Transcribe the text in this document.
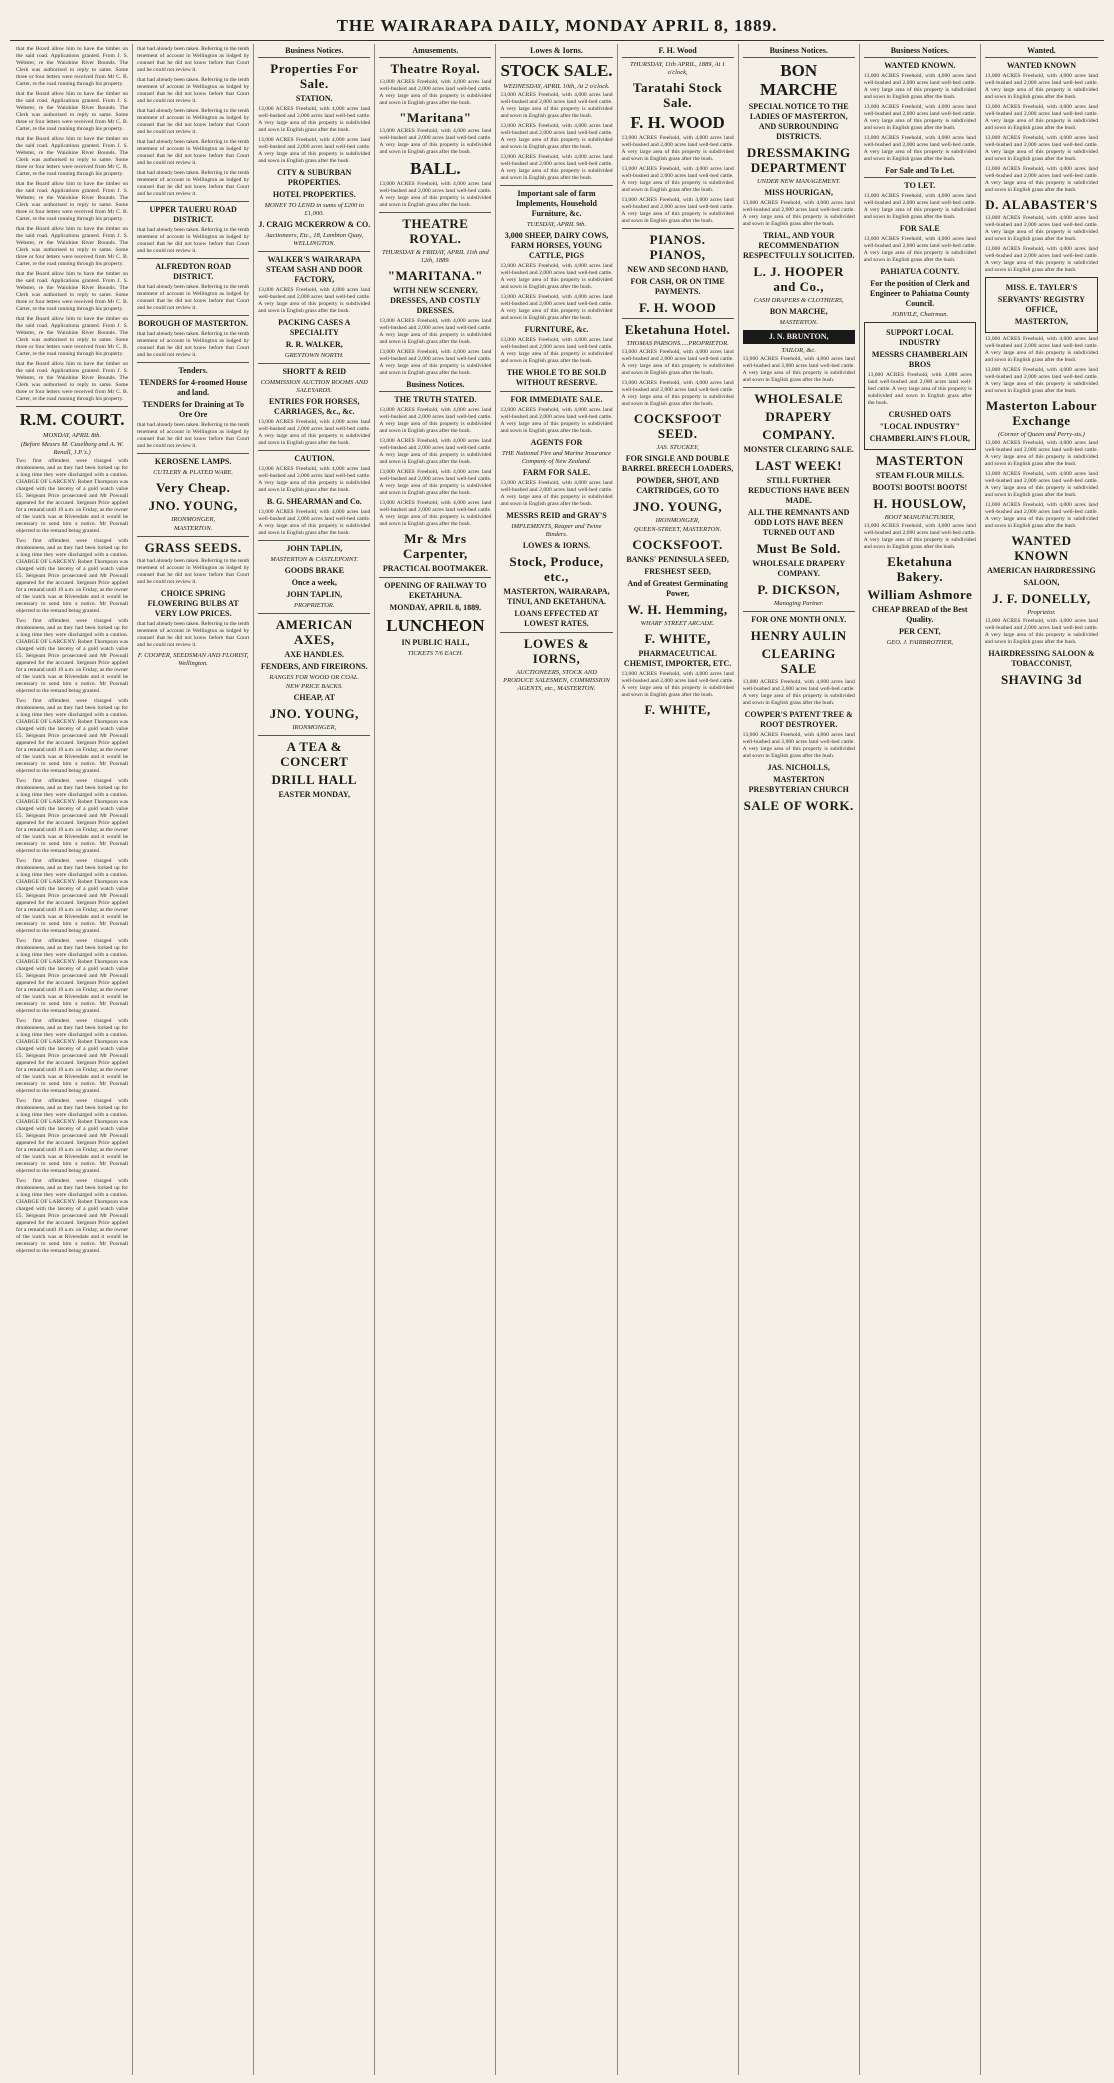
THE WAIRARAPA DAILY, MONDAY APRIL 8, 1889.
that the Board allow him to have the timber on the said road. Applications granted. From J. S. Webster, re the Waiohine River Bounds. The Clerk was authorised to reply to same. Some three or four letters were received from Mr C. B. Carter, re the road running through his property.
that the Board allow him to have the timber on the said road. Applications granted. From J. S. Webster, re the Waiohine River Bounds. The Clerk was authorised to reply to same. Some three or four letters were received from Mr C. B. Carter, re the road running through his property.
that the Board allow him to have the timber on the said road. Applications granted. From J. S. Webster, re the Waiohine River Bounds. The Clerk was authorised to reply to same. Some three or four letters were received from Mr C. B. Carter, re the road running through his property.
that the Board allow him to have the timber on the said road. Applications granted. From J. S. Webster, re the Waiohine River Bounds. The Clerk was authorised to reply to same. Some three or four letters were received from Mr C. B. Carter, re the road running through his property.
that the Board allow him to have the timber on the said road. Applications granted. From J. S. Webster, re the Waiohine River Bounds. The Clerk was authorised to reply to same. Some three or four letters were received from Mr C. B. Carter, re the road running through his property.
that the Board allow him to have the timber on the said road. Applications granted. From J. S. Webster, re the Waiohine River Bounds. The Clerk was authorised to reply to same. Some three or four letters were received from Mr C. B. Carter, re the road running through his property.
that the Board allow him to have the timber on the said road. Applications granted. From J. S. Webster, re the Waiohine River Bounds. The Clerk was authorised to reply to same. Some three or four letters were received from Mr C. B. Carter, re the road running through his property.
that the Board allow him to have the timber on the said road. Applications granted. From J. S. Webster, re the Waiohine River Bounds. The Clerk was authorised to reply to same. Some three or four letters were received from Mr C. B. Carter, re the road running through his property.
R.M. COURT.
MONDAY, APRIL 8th.
(Before Messrs M. Caselberg and A. W. Renall, J.P.'s.)
Two first offenders were charged with drunkenness, and as they had been locked up for a long time they were discharged with a caution. CHARGE OF LARCENY. Robert Thompson was charged with the larceny of a gold watch value £5. Sergeant Price prosecuted and Mr Pownall appeared for the accused. Sergeant Price applied for a remand until 10 a.m. on Friday, as the owner of the watch was at Riversdale and it would be necessary to send him a notice. Mr Pownall objected to the remand being granted.
Two first offenders were charged with drunkenness, and as they had been locked up for a long time they were discharged with a caution. CHARGE OF LARCENY. Robert Thompson was charged with the larceny of a gold watch value £5. Sergeant Price prosecuted and Mr Pownall appeared for the accused. Sergeant Price applied for a remand until 10 a.m. on Friday, as the owner of the watch was at Riversdale and it would be necessary to send him a notice. Mr Pownall objected to the remand being granted.
Two first offenders were charged with drunkenness, and as they had been locked up for a long time they were discharged with a caution. CHARGE OF LARCENY. Robert Thompson was charged with the larceny of a gold watch value £5. Sergeant Price prosecuted and Mr Pownall appeared for the accused. Sergeant Price applied for a remand until 10 a.m. on Friday, as the owner of the watch was at Riversdale and it would be necessary to send him a notice. Mr Pownall objected to the remand being granted.
Two first offenders were charged with drunkenness, and as they had been locked up for a long time they were discharged with a caution. CHARGE OF LARCENY. Robert Thompson was charged with the larceny of a gold watch value £5. Sergeant Price prosecuted and Mr Pownall appeared for the accused. Sergeant Price applied for a remand until 10 a.m. on Friday, as the owner of the watch was at Riversdale and it would be necessary to send him a notice. Mr Pownall objected to the remand being granted.
Two first offenders were charged with drunkenness, and as they had been locked up for a long time they were discharged with a caution. CHARGE OF LARCENY. Robert Thompson was charged with the larceny of a gold watch value £5. Sergeant Price prosecuted and Mr Pownall appeared for the accused. Sergeant Price applied for a remand until 10 a.m. on Friday, as the owner of the watch was at Riversdale and it would be necessary to send him a notice. Mr Pownall objected to the remand being granted.
Two first offenders were charged with drunkenness, and as they had been locked up for a long time they were discharged with a caution. CHARGE OF LARCENY. Robert Thompson was charged with the larceny of a gold watch value £5. Sergeant Price prosecuted and Mr Pownall appeared for the accused. Sergeant Price applied for a remand until 10 a.m. on Friday, as the owner of the watch was at Riversdale and it would be necessary to send him a notice. Mr Pownall objected to the remand being granted.
Two first offenders were charged with drunkenness, and as they had been locked up for a long time they were discharged with a caution. CHARGE OF LARCENY. Robert Thompson was charged with the larceny of a gold watch value £5. Sergeant Price prosecuted and Mr Pownall appeared for the accused. Sergeant Price applied for a remand until 10 a.m. on Friday, as the owner of the watch was at Riversdale and it would be necessary to send him a notice. Mr Pownall objected to the remand being granted.
Two first offenders were charged with drunkenness, and as they had been locked up for a long time they were discharged with a caution. CHARGE OF LARCENY. Robert Thompson was charged with the larceny of a gold watch value £5. Sergeant Price prosecuted and Mr Pownall appeared for the accused. Sergeant Price applied for a remand until 10 a.m. on Friday, as the owner of the watch was at Riversdale and it would be necessary to send him a notice. Mr Pownall objected to the remand being granted.
Two first offenders were charged with drunkenness, and as they had been locked up for a long time they were discharged with a caution. CHARGE OF LARCENY. Robert Thompson was charged with the larceny of a gold watch value £5. Sergeant Price prosecuted and Mr Pownall appeared for the accused. Sergeant Price applied for a remand until 10 a.m. on Friday, as the owner of the watch was at Riversdale and it would be necessary to send him a notice. Mr Pownall objected to the remand being granted.
Two first offenders were charged with drunkenness, and as they had been locked up for a long time they were discharged with a caution. CHARGE OF LARCENY. Robert Thompson was charged with the larceny of a gold watch value £5. Sergeant Price prosecuted and Mr Pownall appeared for the accused. Sergeant Price applied for a remand until 10 a.m. on Friday, as the owner of the watch was at Riversdale and it would be necessary to send him a notice. Mr Pownall objected to the remand being granted.
that had already been taken. Referring to the tenth tenement of account in Wellington as lodged by counsel that he did not know before that Court and he could not review it.
that had already been taken. Referring to the tenth tenement of account in Wellington as lodged by counsel that he did not know before that Court and he could not review it.
that had already been taken. Referring to the tenth tenement of account in Wellington as lodged by counsel that he did not know before that Court and he could not review it.
that had already been taken. Referring to the tenth tenement of account in Wellington as lodged by counsel that he did not know before that Court and he could not review it.
that had already been taken. Referring to the tenth tenement of account in Wellington as lodged by counsel that he did not know before that Court and he could not review it.
UPPER TAUERU ROAD DISTRICT.
that had already been taken. Referring to the tenth tenement of account in Wellington as lodged by counsel that he did not know before that Court and he could not review it.
ALFREDTON ROAD DISTRICT.
that had already been taken. Referring to the tenth tenement of account in Wellington as lodged by counsel that he did not know before that Court and he could not review it.
BOROUGH OF MASTERTON.
that had already been taken. Referring to the tenth tenement of account in Wellington as lodged by counsel that he did not know before that Court and he could not review it.
Tenders.
TENDERS for 4-roomed House and land.
TENDERS for Draining at To Ore Ore
that had already been taken. Referring to the tenth tenement of account in Wellington as lodged by counsel that he did not know before that Court and he could not review it.
KEROSENE LAMPS.
CUTLERY & PLATED WARE.
Very Cheap.
JNO. YOUNG,
IRONMONGER,
MASTERTON.
GRASS SEEDS.
that had already been taken. Referring to the tenth tenement of account in Wellington as lodged by counsel that he did not know before that Court and he could not review it.
CHOICE SPRING FLOWERING BULBS AT VERY LOW PRICES.
that had already been taken. Referring to the tenth tenement of account in Wellington as lodged by counsel that he did not know before that Court and he could not review it.
F. COOPER, SEEDSMAN AND FLORIST, Wellington.
Business Notices.
Properties For Sale.
STATION.
13,000 ACRES Freehold, with 4,000 acres land well-bushed and 2,000 acres land well-bed cattle. A very large area of this property is subdivided and sown in English grass after the bush.
13,000 ACRES Freehold, with 4,000 acres land well-bushed and 2,000 acres land well-bed cattle. A very large area of this property is subdivided and sown in English grass after the bush.
CITY & SUBURBAN PROPERTIES.
HOTEL PROPERTIES.
MONEY TO LEND in sums of £200 to £1,000.
J. CRAIG MCKERROW & CO.
Auctioneers, Etc., 18, Lambton Quay, WELLINGTON.
WALKER'S WAIRARAPA STEAM SASH AND DOOR FACTORY,
13,000 ACRES Freehold, with 4,000 acres land well-bushed and 2,000 acres land well-bed cattle. A very large area of this property is subdivided and sown in English grass after the bush.
PACKING CASES A SPECIALITY
R. R. WALKER,
GREYTOWN NORTH.
SHORTT & REID
COMMISSION AUCTION ROOMS AND SALEYARDS.
ENTRIES FOR HORSES, CARRIAGES, &c., &c.
13,000 ACRES Freehold, with 4,000 acres land well-bushed and 2,000 acres land well-bed cattle. A very large area of this property is subdivided and sown in English grass after the bush.
CAUTION.
13,000 ACRES Freehold, with 4,000 acres land well-bushed and 2,000 acres land well-bed cattle. A very large area of this property is subdivided and sown in English grass after the bush.
B. G. SHEARMAN and Co.
13,000 ACRES Freehold, with 4,000 acres land well-bushed and 2,000 acres land well-bed cattle. A very large area of this property is subdivided and sown in English grass after the bush.
JOHN TAPLIN,
MASTERTON & CASTLEPOINT.
GOODS BRAKE
Once a week,
JOHN TAPLIN,
PROPRIETOR.
AMERICAN AXES,
AXE HANDLES.
FENDERS, AND FIREIRONS.
RANGES FOR WOOD OR COAL.
NEW PRICE BACKS.
CHEAP, AT
JNO. YOUNG,
IRONMONGER,
A TEA & CONCERT
DRILL HALL
EASTER MONDAY,
Amusements.
Theatre Royal.
13,000 ACRES Freehold, with 4,000 acres land well-bushed and 2,000 acres land well-bed cattle. A very large area of this property is subdivided and sown in English grass after the bush.
"Maritana"
13,000 ACRES Freehold, with 4,000 acres land well-bushed and 2,000 acres land well-bed cattle. A very large area of this property is subdivided and sown in English grass after the bush.
BALL.
13,000 ACRES Freehold, with 4,000 acres land well-bushed and 2,000 acres land well-bed cattle. A very large area of this property is subdivided and sown in English grass after the bush.
THEATRE ROYAL.
THURSDAY & FRIDAY, APRIL 11th and 12th, 1889.
"MARITANA."
WITH NEW SCENERY, DRESSES, AND COSTLY DRESSES.
13,000 ACRES Freehold, with 4,000 acres land well-bushed and 2,000 acres land well-bed cattle. A very large area of this property is subdivided and sown in English grass after the bush.
13,000 ACRES Freehold, with 4,000 acres land well-bushed and 2,000 acres land well-bed cattle. A very large area of this property is subdivided and sown in English grass after the bush.
Business Notices.
THE TRUTH STATED.
13,000 ACRES Freehold, with 4,000 acres land well-bushed and 2,000 acres land well-bed cattle. A very large area of this property is subdivided and sown in English grass after the bush.
13,000 ACRES Freehold, with 4,000 acres land well-bushed and 2,000 acres land well-bed cattle. A very large area of this property is subdivided and sown in English grass after the bush.
13,000 ACRES Freehold, with 4,000 acres land well-bushed and 2,000 acres land well-bed cattle. A very large area of this property is subdivided and sown in English grass after the bush.
13,000 ACRES Freehold, with 4,000 acres land well-bushed and 2,000 acres land well-bed cattle. A very large area of this property is subdivided and sown in English grass after the bush.
Mr & Mrs Carpenter,
PRACTICAL BOOTMAKER.
OPENING OF RAILWAY TO EKETAHUNA.
MONDAY, APRIL 8, 1889.
LUNCHEON
IN PUBLIC HALL,
TICKETS 7/6 EACH.
Lowes & Iorns.
STOCK SALE.
WEDNESDAY, APRIL 10th, At 2 o'clock.
13,000 ACRES Freehold, with 4,000 acres land well-bushed and 2,000 acres land well-bed cattle. A very large area of this property is subdivided and sown in English grass after the bush.
13,000 ACRES Freehold, with 4,000 acres land well-bushed and 2,000 acres land well-bed cattle. A very large area of this property is subdivided and sown in English grass after the bush.
13,000 ACRES Freehold, with 4,000 acres land well-bushed and 2,000 acres land well-bed cattle. A very large area of this property is subdivided and sown in English grass after the bush.
Important sale of farm Implements, Household Furniture, &c.
TUESDAY, APRIL 9th.
3,000 SHEEP, DAIRY COWS, FARM HORSES, YOUNG CATTLE, PIGS
13,000 ACRES Freehold, with 4,000 acres land well-bushed and 2,000 acres land well-bed cattle. A very large area of this property is subdivided and sown in English grass after the bush.
13,000 ACRES Freehold, with 4,000 acres land well-bushed and 2,000 acres land well-bed cattle. A very large area of this property is subdivided and sown in English grass after the bush.
FURNITURE, &c.
13,000 ACRES Freehold, with 4,000 acres land well-bushed and 2,000 acres land well-bed cattle. A very large area of this property is subdivided and sown in English grass after the bush.
THE WHOLE TO BE SOLD WITHOUT RESERVE.
FOR IMMEDIATE SALE.
13,000 ACRES Freehold, with 4,000 acres land well-bushed and 2,000 acres land well-bed cattle. A very large area of this property is subdivided and sown in English grass after the bush.
AGENTS FOR
THE National Fire and Marine Insurance Company of New Zealand.
FARM FOR SALE.
13,000 ACRES Freehold, with 4,000 acres land well-bushed and 2,000 acres land well-bed cattle. A very large area of this property is subdivided and sown in English grass after the bush.
MESSRS REID and GRAY'S
IMPLEMENTS, Reaper and Twine Binders.
LOWES & IORNS.
Stock, Produce, etc.,
MASTERTON, WAIRARAPA, TINUI, AND EKETAHUNA.
LOANS EFFECTED AT LOWEST RATES.
LOWES & IORNS,
AUCTIONEERS, STOCK AND PRODUCE SALESMEN, COMMISSION AGENTS, etc., MASTERTON.
F. H. Wood
THURSDAY, 11th APRIL, 1889, At 1 o'clock,
Taratahi Stock Sale.
F. H. WOOD
13,000 ACRES Freehold, with 4,000 acres land well-bushed and 2,000 acres land well-bed cattle. A very large area of this property is subdivided and sown in English grass after the bush.
13,000 ACRES Freehold, with 4,000 acres land well-bushed and 2,000 acres land well-bed cattle. A very large area of this property is subdivided and sown in English grass after the bush.
13,000 ACRES Freehold, with 4,000 acres land well-bushed and 2,000 acres land well-bed cattle. A very large area of this property is subdivided and sown in English grass after the bush.
PIANOS. PIANOS,
NEW AND SECOND HAND,
FOR CASH, OR ON TIME PAYMENTS.
F. H. WOOD
Eketahuna Hotel.
THOMAS PARSONS.....PROPRIETOR.
13,000 ACRES Freehold, with 4,000 acres land well-bushed and 2,000 acres land well-bed cattle. A very large area of this property is subdivided and sown in English grass after the bush.
13,000 ACRES Freehold, with 4,000 acres land well-bushed and 2,000 acres land well-bed cattle. A very large area of this property is subdivided and sown in English grass after the bush.
COCKSFOOT SEED.
JAS. STUCKEY,
FOR SINGLE AND DOUBLE BARREL BREECH LOADERS,
POWDER, SHOT, AND CARTRIDGES, GO TO
JNO. YOUNG,
IRONMONGER,
QUEEN-STREET, MASTERTON.
COCKSFOOT.
BANKS' PENINSULA SEED,
FRESHEST SEED,
And of Greatest Germinating Power,
W. H. Hemming,
WHARF STREET ARCADE.
F. WHITE,
PHARMACEUTICAL CHEMIST, IMPORTER, ETC.
13,000 ACRES Freehold, with 4,000 acres land well-bushed and 2,000 acres land well-bed cattle. A very large area of this property is subdivided and sown in English grass after the bush.
F. WHITE,
Business Notices.
BON MARCHE
SPECIAL NOTICE TO THE LADIES OF MASTERTON, AND SURROUNDING DISTRICTS.
DRESSMAKING DEPARTMENT
UNDER NEW MANAGEMENT.
MISS HOURIGAN,
13,000 ACRES Freehold, with 4,000 acres land well-bushed and 2,000 acres land well-bed cattle. A very large area of this property is subdivided and sown in English grass after the bush.
TRIAL, AND YOUR RECOMMENDATION RESPECTFULLY SOLICITED.
L. J. HOOPER and Co.,
CASH DRAPERS & CLOTHIERS,
BON MARCHE,
MASTERTON.
J. N. BRUNTON,
TAILOR, &c.
13,000 ACRES Freehold, with 4,000 acres land well-bushed and 2,000 acres land well-bed cattle. A very large area of this property is subdivided and sown in English grass after the bush.
WHOLESALE
DRAPERY
COMPANY.
MONSTER CLEARING SALE.
LAST WEEK!
STILL FURTHER REDUCTIONS HAVE BEEN MADE.
ALL THE REMNANTS AND ODD LOTS HAVE BEEN TURNED OUT AND
Must Be Sold.
WHOLESALE DRAPERY COMPANY.
P. DICKSON,
Managing Partner.
FOR ONE MONTH ONLY.
HENRY AULIN
CLEARING SALE
13,000 ACRES Freehold, with 4,000 acres land well-bushed and 2,000 acres land well-bed cattle. A very large area of this property is subdivided and sown in English grass after the bush.
COWPER'S PATENT TREE & ROOT DESTROYER.
13,000 ACRES Freehold, with 4,000 acres land well-bushed and 2,000 acres land well-bed cattle. A very large area of this property is subdivided and sown in English grass after the bush.
JAS. NICHOLLS,
MASTERTON PRESBYTERIAN CHURCH
SALE OF WORK.
Business Notices.
WANTED KNOWN.
13,000 ACRES Freehold, with 4,000 acres land well-bushed and 2,000 acres land well-bed cattle. A very large area of this property is subdivided and sown in English grass after the bush.
13,000 ACRES Freehold, with 4,000 acres land well-bushed and 2,000 acres land well-bed cattle. A very large area of this property is subdivided and sown in English grass after the bush.
13,000 ACRES Freehold, with 4,000 acres land well-bushed and 2,000 acres land well-bed cattle. A very large area of this property is subdivided and sown in English grass after the bush.
For Sale and To Let.
TO LET.
13,000 ACRES Freehold, with 4,000 acres land well-bushed and 2,000 acres land well-bed cattle. A very large area of this property is subdivided and sown in English grass after the bush.
FOR SALE
13,000 ACRES Freehold, with 4,000 acres land well-bushed and 2,000 acres land well-bed cattle. A very large area of this property is subdivided and sown in English grass after the bush.
PAHIATUA COUNTY.
For the position of Clerk and Engineer to Pahiatua County Council.
JOBVILE, Chairman.
SUPPORT LOCAL INDUSTRY
MESSRS CHAMBERLAIN BROS
13,000 ACRES Freehold, with 4,000 acres land well-bushed and 2,000 acres land well-bed cattle. A very large area of this property is subdivided and sown in English grass after the bush.
CRUSHED OATS
"LOCAL INDUSTRY"
CHAMBERLAIN'S FLOUR,
MASTERTON
STEAM FLOUR MILLS.
BOOTS! BOOTS! BOOTS!
H. HOUSLOW,
BOOT MANUFACTURER,
13,000 ACRES Freehold, with 4,000 acres land well-bushed and 2,000 acres land well-bed cattle. A very large area of this property is subdivided and sown in English grass after the bush.
Eketahuna Bakery.
William Ashmore
CHEAP BREAD of the Best Quality.
PER CENT,
GEO. J. FAIRBROTHER,
Wanted.
WANTED KNOWN
13,000 ACRES Freehold, with 4,000 acres land well-bushed and 2,000 acres land well-bed cattle. A very large area of this property is subdivided and sown in English grass after the bush.
13,000 ACRES Freehold, with 4,000 acres land well-bushed and 2,000 acres land well-bed cattle. A very large area of this property is subdivided and sown in English grass after the bush.
13,000 ACRES Freehold, with 4,000 acres land well-bushed and 2,000 acres land well-bed cattle. A very large area of this property is subdivided and sown in English grass after the bush.
13,000 ACRES Freehold, with 4,000 acres land well-bushed and 2,000 acres land well-bed cattle. A very large area of this property is subdivided and sown in English grass after the bush.
D. ALABASTER'S
13,000 ACRES Freehold, with 4,000 acres land well-bushed and 2,000 acres land well-bed cattle. A very large area of this property is subdivided and sown in English grass after the bush.
13,000 ACRES Freehold, with 4,000 acres land well-bushed and 2,000 acres land well-bed cattle. A very large area of this property is subdivided and sown in English grass after the bush.
MISS. E. TAYLER'S
SERVANTS' REGISTRY OFFICE,
MASTERTON,
13,000 ACRES Freehold, with 4,000 acres land well-bushed and 2,000 acres land well-bed cattle. A very large area of this property is subdivided and sown in English grass after the bush.
13,000 ACRES Freehold, with 4,000 acres land well-bushed and 2,000 acres land well-bed cattle. A very large area of this property is subdivided and sown in English grass after the bush.
Masterton Labour Exchange
(Corner of Queen and Perry-sts.)
13,000 ACRES Freehold, with 4,000 acres land well-bushed and 2,000 acres land well-bed cattle. A very large area of this property is subdivided and sown in English grass after the bush.
13,000 ACRES Freehold, with 4,000 acres land well-bushed and 2,000 acres land well-bed cattle. A very large area of this property is subdivided and sown in English grass after the bush.
13,000 ACRES Freehold, with 4,000 acres land well-bushed and 2,000 acres land well-bed cattle. A very large area of this property is subdivided and sown in English grass after the bush.
WANTED KNOWN
AMERICAN HAIRDRESSING
SALOON,
J. F. DONELLY,
Proprietor.
13,000 ACRES Freehold, with 4,000 acres land well-bushed and 2,000 acres land well-bed cattle. A very large area of this property is subdivided and sown in English grass after the bush.
HAIRDRESSING SALOON & TOBACCONIST,
SHAVING 3d
